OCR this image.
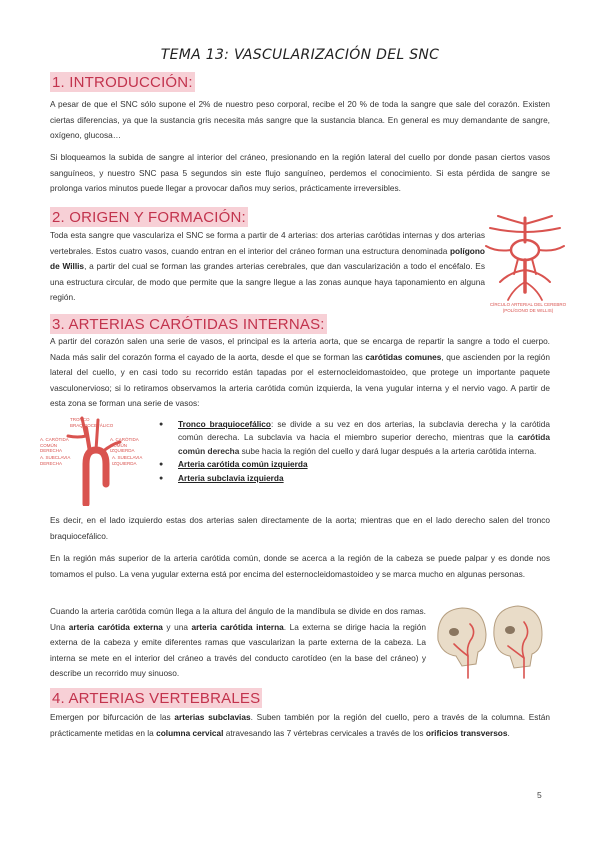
TEMA 13: VASCULARIZACIÓN DEL SNC
1. INTRODUCCIÓN:

A pesar de que el SNC sólo supone el 2% de nuestro peso corporal, recibe el 20 % de toda la sangre que sale del corazón. Existen ciertas diferencias, ya que la sustancia gris necesita más sangre que la sustancia blanca. En general es muy demandante de sangre, oxígeno, glucosa…

Si bloqueamos la subida de sangre al interior del cráneo, presionando en la región lateral del cuello por donde pasan ciertos vasos sanguíneos, y nuestro SNC pasa 5 segundos sin este flujo sanguíneo, perdemos el conocimiento. Si esta pérdida de sangre se prolonga varios minutos puede llegar a provocar daños muy serios, prácticamente irreversibles.

2. ORIGEN Y FORMACIÓN:

Toda esta sangre que vasculariza el SNC se forma a partir de 4 arterias: dos arterias carótidas internas y dos arterias vertebrales. Estos cuatro vasos, cuando entran en el interior del cráneo forman una estructura denominada polígono de Willis, a partir del cual se forman las grandes arterias cerebrales, que dan vascularización a todo el encéfalo. Es una estructura circular, de modo que permite que la sangre llegue a las zonas aunque haya taponamiento en alguna región.

CÍRCULO ARTERIAL DEL CEREBRO (POLÍGONO DE WILLIS)
3. ARTERIAS CARÓTIDAS INTERNAS:

A partir del corazón salen una serie de vasos, el principal es la arteria aorta, que se encarga de repartir la sangre a todo el cuerpo. Nada más salir del corazón forma el cayado de la aorta, desde el que se forman las carótidas comunes, que ascienden por la región lateral del cuello, y en casi todo su recorrido están tapadas por el esternocleidomastoideo, que protege un importante paquete vasculonervioso; si lo retiramos observamos la arteria carótida común izquierda, la vena yugular interna y el nervio vago. A partir de esta zona se forman una serie de vasos:

TRONCO BRAQUIOCEFÁLICO
A. CARÓTIDA COMÚN DERECHA
A. SUBCLAVIA DERECHA
A. CARÓTIDA COMÚN IZQUIERDA
A. SUBCLAVIA IZQUIERDA
● Tronco braquiocefálico: se divide a su vez en dos arterias, la subclavia derecha y la carótida común derecha. La subclavia va hacia el miembro superior derecho, mientras que la carótida común derecha sube hacia la región del cuello y dará lugar después a la arteria carótida interna.
● Arteria carótida común izquierda
● Arteria subclavia izquierda

Es decir, en el lado izquierdo estas dos arterias salen directamente de la aorta; mientras que en el lado derecho salen del tronco braquiocefálico.

En la región más superior de la arteria carótida común, donde se acerca a la región de la cabeza se puede palpar y es donde nos tomamos el pulso. La vena yugular externa está por encima del esternocleidomastoideo y se marca mucho en algunas personas.

Cuando la arteria carótida común llega a la altura del ángulo de la mandíbula se divide en dos ramas. Una arteria carótida externa y una arteria carótida interna. La externa se dirige hacia la región externa de la cabeza y emite diferentes ramas que vascularizan la parte externa de la cabeza. La interna se mete en el interior del cráneo a través del conducto carotídeo (en la base del cráneo) y describe un recorrido muy sinuoso.

4. ARTERIAS VERTEBRALES

Emergen por bifurcación de las arterias subclavias. Suben también por la región del cuello, pero a través de la columna. Están prácticamente metidas en la columna cervical atravesando las 7 vértebras cervicales a través de los orificios transversos.

5
